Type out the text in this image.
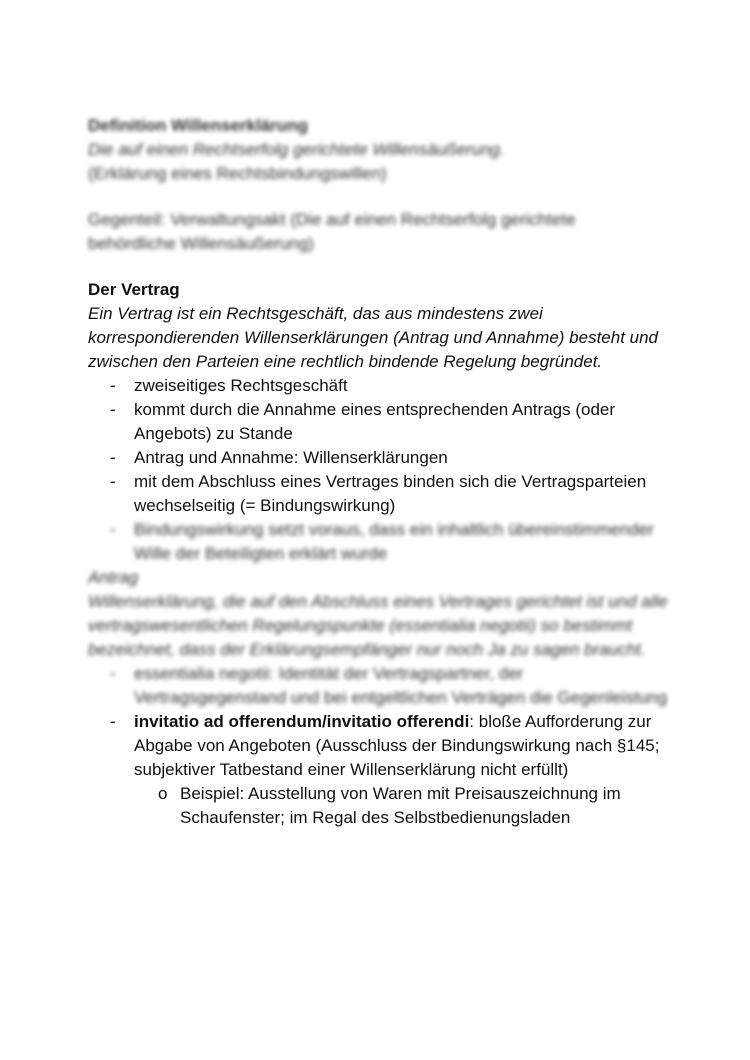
Definition Willenserklärung

Die auf einen Rechtserfolg gerichtete Willensäußerung.

(Erklärung eines Rechtsbindungswillen)

Gegenteil: Verwaltungsakt (Die auf einen Rechtserfolg gerichtete behördliche Willensäußerung)

Der Vertrag

Ein Vertrag ist ein Rechtsgeschäft, das aus mindestens zwei korrespondierenden Willenserklärungen (Antrag und Annahme) besteht und zwischen den Parteien eine rechtlich bindende Regelung begründet.

- zweiseitiges Rechtsgeschäft
- kommt durch die Annahme eines entsprechenden Antrags (oder Angebots) zu Stande
- Antrag und Annahme: Willenserklärungen
- mit dem Abschluss eines Vertrages binden sich die Vertragsparteien wechselseitig (= Bindungswirkung)
- Bindungswirkung setzt voraus, dass ein inhaltlich übereinstimmender Wille der Beteiligten erklärt wurde

Antrag

Willenserklärung, die auf den Abschluss eines Vertrages gerichtet ist und alle vertragswesentlichen Regelungspunkte (essentialia negotii) so bestimmt bezeichnet, dass der Erklärungsempfänger nur noch Ja zu sagen braucht.

- essentialia negotii: Identität der Vertragspartner, der Vertragsgegenstand und bei entgeltlichen Verträgen die Gegenleistung
- invitatio ad offerendum/invitatio offerendi: bloße Aufforderung zur Abgabe von Angeboten (Ausschluss der Bindungswirkung nach §145; subjektiver Tatbestand einer Willenserklärung nicht erfüllt)
o Beispiel: Ausstellung von Waren mit Preisauszeichnung im Schaufenster; im Regal des Selbstbedienungsladen
